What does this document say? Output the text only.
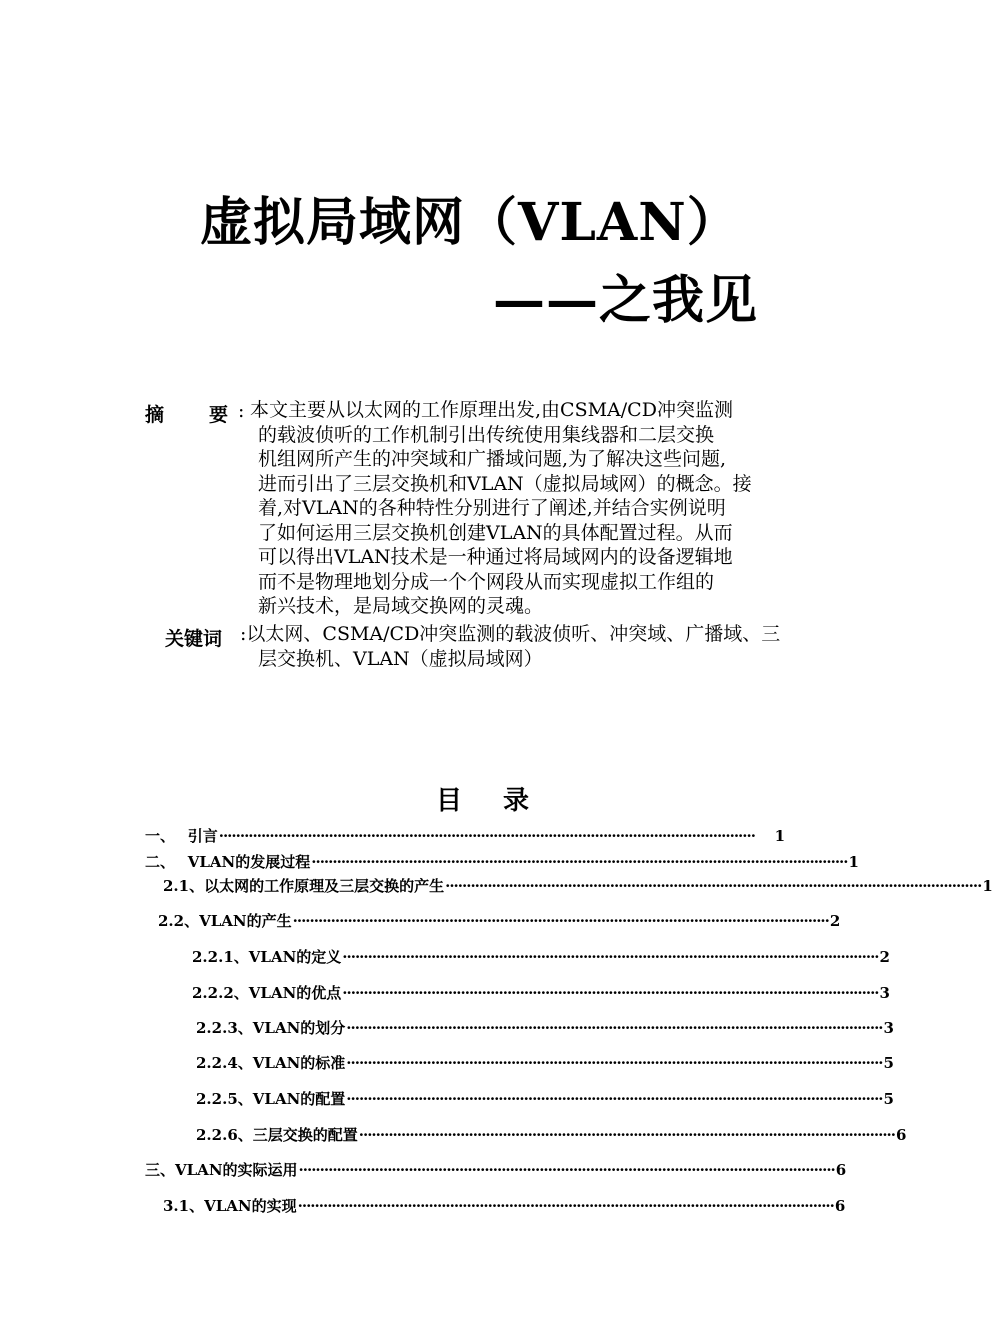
虚拟局域网（VLAN）
——之我见
摘 要 : 本文主要从以太网的工作原理出发,由CSMA/CD冲突监测
的载波侦听的工作机制引出传统使用集线器和二层交换
机组网所产生的冲突域和广播域问题,为了解决这些问题,
进而引出了三层交换机和VLAN（虚拟局域网）的概念。接
着,对VLAN的各种特性分别进行了阐述,并结合实例说明
了如何运用三层交换机创建VLAN的具体配置过程。从而
可以得出VLAN技术是一种通过将局域网内的设备逻辑地
而不是物理地划分成一个个网段从而实现虚拟工作组的
新兴技术，是局域交换网的灵魂。
关键词 :以太网、CSMA/CD冲突监测的载波侦听、冲突域、广播域、三
层交换机、VLAN（虚拟局域网）
目 录
一、　 引言 ·······························································································································	1
二、　 VLAN的发展过程 ······························································································································· 1
2.1、以太网的工作原理及三层交换的产生 ······························································································································· 1
2.2、VLAN的产生 ······························································································································· 2
2.2.1、VLAN的定义 ······························································································································· 2
2.2.2、VLAN的优点 ······························································································································· 3
2.2.3、VLAN的划分 ······························································································································· 3
2.2.4、VLAN的标准 ······························································································································· 5
2.2.5、VLAN的配置 ······························································································································· 5
2.2.6、三层交换的配置 ······························································································································· 6
三、VLAN的实际运用 ······························································································································· 6
3.1、VLAN的实现 ······························································································································· 6
